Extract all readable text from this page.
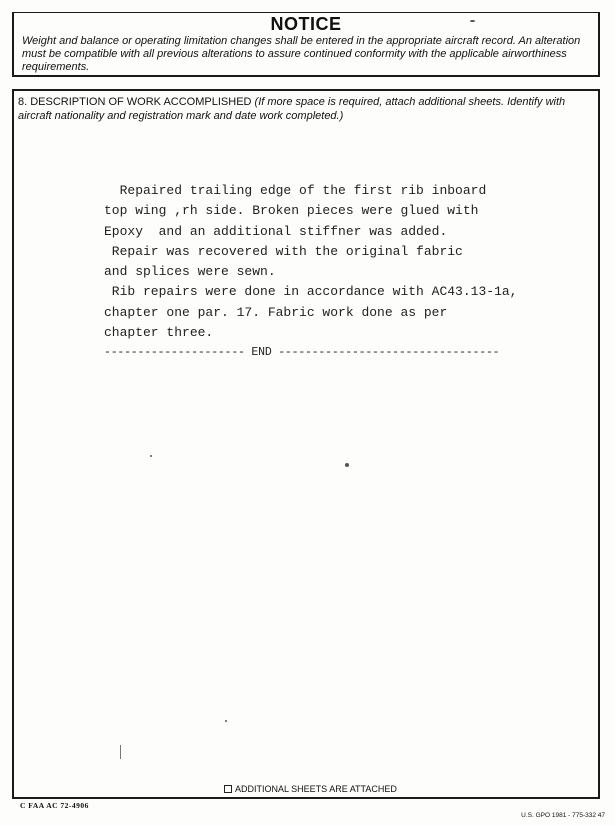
NOTICE
Weight and balance or operating limitation changes shall be entered in the appropriate aircraft record. An alteration must be compatible with all previous alterations to assure continued conformity with the applicable airworthiness requirements.
8. DESCRIPTION OF WORK ACCOMPLISHED (If more space is required, attach additional sheets. Identify with aircraft nationality and registration mark and date work completed.)
Repaired trailing edge of the first rib inboard
top wing ,rh side. Broken pieces were glued with
Epoxy  and an additional stiffner was added.
Repair was recovered with the original fabric
and splices were sewn.
Rib repairs were done in accordance with AC43.13-1a,
chapter one par. 17. Fabric work done as per
chapter three.
--------------------- END ---------------------------------
ADDITIONAL SHEETS ARE ATTACHED
C FAA AC 72-4906
U.S. GPO 1981 - 775-332 47
